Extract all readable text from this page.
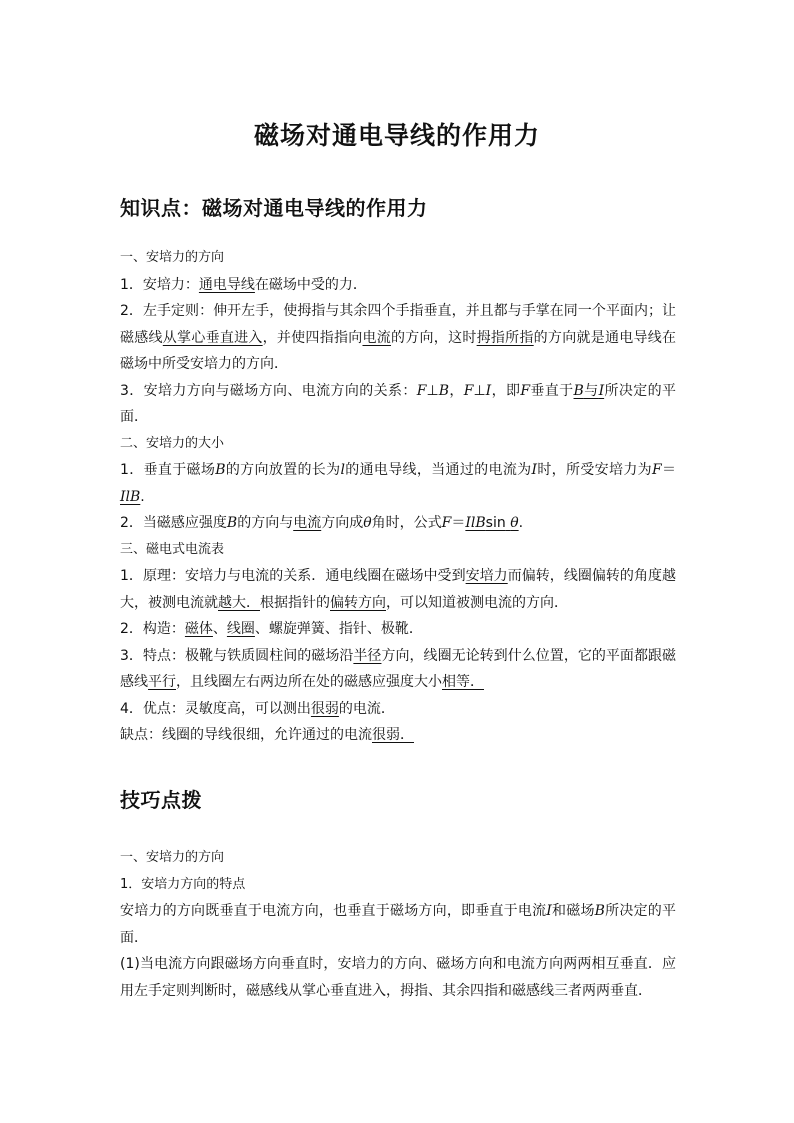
磁场对通电导线的作用力
知识点：磁场对通电导线的作用力

一、安培力的方向

1．安培力：通电导线在磁场中受的力．

2．左手定则：伸开左手，使拇指与其余四个手指垂直，并且都与手掌在同一个平面内；让磁感线从掌心垂直进入，并使四指指向电流的方向，这时拇指所指的方向就是通电导线在磁场中所受安培力的方向．

3．安培力方向与磁场方向、电流方向的关系：F⊥B，F⊥I，即F垂直于B与I所决定的平面．

二、安培力的大小

1．垂直于磁场B的方向放置的长为l的通电导线，当通过的电流为I时，所受安培力为F＝IlB.

2．当磁感应强度B的方向与电流方向成θ角时，公式F＝IlBsin θ.

三、磁电式电流表

1．原理：安培力与电流的关系．通电线圈在磁场中受到安培力而偏转，线圈偏转的角度越大，被测电流就越大．根据指针的偏转方向，可以知道被测电流的方向．

2．构造：磁体、线圈、螺旋弹簧、指针、极靴．

3．特点：极靴与铁质圆柱间的磁场沿半径方向，线圈无论转到什么位置，它的平面都跟磁感线平行，且线圈左右两边所在处的磁感应强度大小相等．

4．优点：灵敏度高，可以测出很弱的电流．

缺点：线圈的导线很细，允许通过的电流很弱．

技巧点拨

一、安培力的方向

1．安培力方向的特点

安培力的方向既垂直于电流方向，也垂直于磁场方向，即垂直于电流I和磁场B所决定的平面．

(1)当电流方向跟磁场方向垂直时，安培力的方向、磁场方向和电流方向两两相互垂直．应用左手定则判断时，磁感线从掌心垂直进入，拇指、其余四指和磁感线三者两两垂直．
